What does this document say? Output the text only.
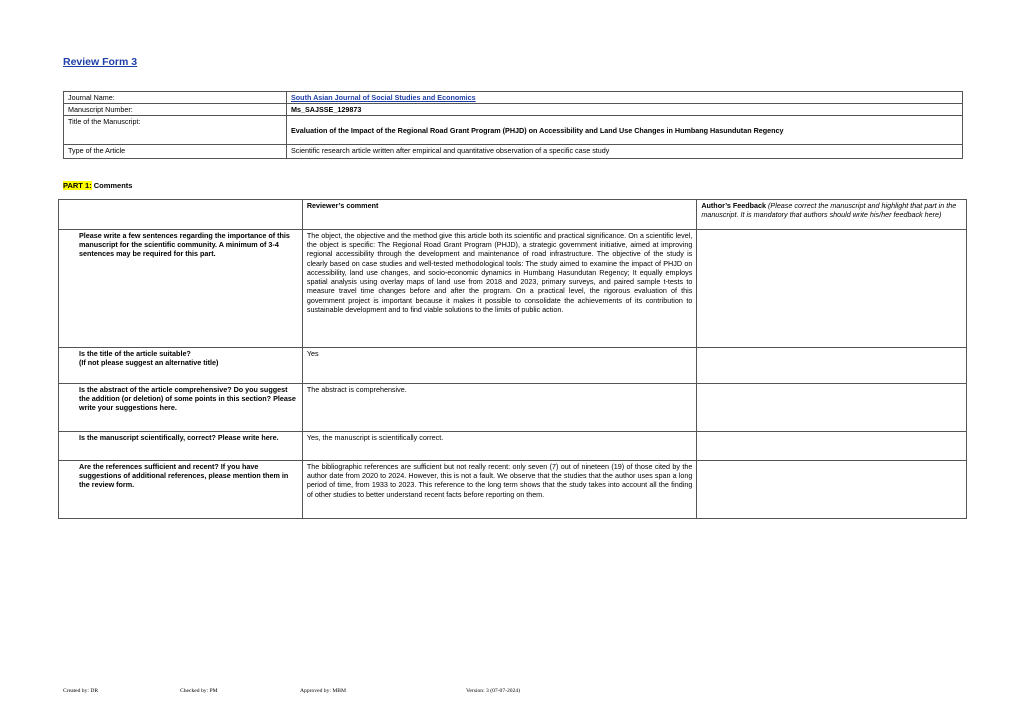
Review Form 3
Journal Name:	South Asian Journal of Social Studies and Economics
Manuscript Number:	Ms_SAJSSE_129873
Title of the Manuscript:	Evaluation of the Impact of the Regional Road Grant Program (PHJD) on Accessibility and Land Use Changes in Humbang Hasundutan Regency
Type of the Article	Scientific research article written after empirical and quantitative observation of a specific case study
PART 1: Comments
	Reviewer’s comment	Author’s Feedback (Please correct the manuscript and highlight that part in the manuscript. It is mandatory that authors should write his/her feedback here)
Please write a few sentences regarding the importance of this manuscript for the scientific community. A minimum of 3-4 sentences may be required for this part.	The object, the objective and the method give this article both its scientific and practical significance. On a scientific level, the object is specific: The Regional Road Grant Program (PHJD), a strategic government initiative, aimed at improving regional accessibility through the development and maintenance of road infrastructure. The objective of the study is clearly based on case studies and well-tested methodological tools: The study aimed to examine the impact of PHJD on accessibility, land use changes, and socio-economic dynamics in Humbang Hasundutan Regency; It equally employs spatial analysis using overlay maps of land use from 2018 and 2023, primary surveys, and paired sample t-tests to measure travel time changes before and after the program. On a practical level, the rigorous evaluation of this government project is important because it makes it possible to consolidate the achievements of its contribution to sustainable development and to find viable solutions to the limits of public action.	
Is the title of the article suitable?
(If not please suggest an alternative title)	Yes	
Is the abstract of the article comprehensive? Do you suggest the addition (or deletion) of some points in this section? Please write your suggestions here.	The abstract is comprehensive.	
Is the manuscript scientifically, correct? Please write here.	Yes, the manuscript is scientifically correct.	
Are the references sufficient and recent? If you have suggestions of additional references, please mention them in the review form.	The bibliographic references are sufficient but not really recent: only seven (7) out of nineteen (19) of those cited by the author date from 2020 to 2024. However, this is not a fault. We observe that the studies that the author uses span a long period of time, from 1933 to 2023. This reference to the long term shows that the study takes into account all the finding of other studies to better understand recent facts before reporting on them.	
Created by: DR	Checked by: PM	Approved by: MBM	Version: 3 (07-07-2024)
